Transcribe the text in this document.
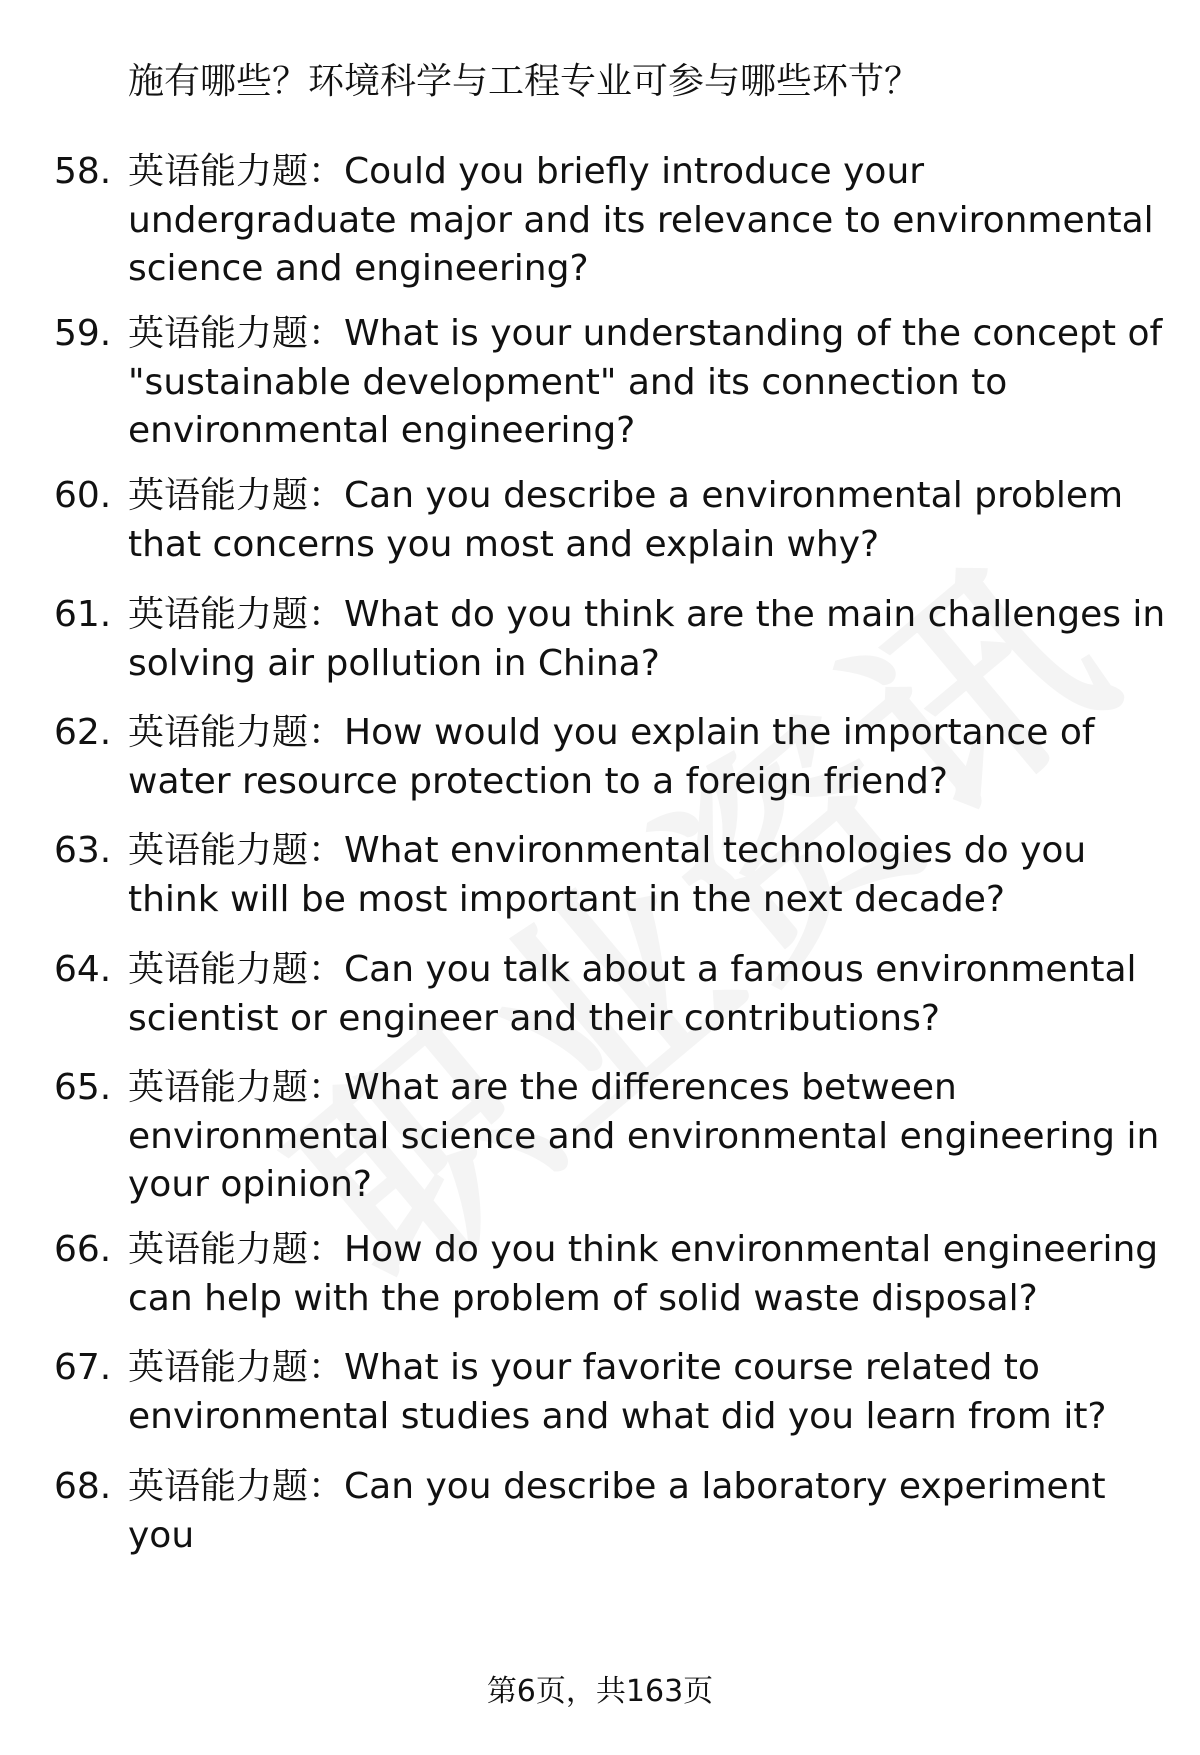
施有哪些？环境科学与工程专业可参与哪些环节？

58. 英语能力题：Could you briefly introduce your undergraduate major and its relevance to environmental science and engineering?
59. 英语能力题：What is your understanding of the concept of "sustainable development" and its connection to environmental engineering?
60. 英语能力题：Can you describe a environmental problem that concerns you most and explain why?
61. 英语能力题：What do you think are the main challenges in solving air pollution in China?
62. 英语能力题：How would you explain the importance of water resource protection to a foreign friend?
63. 英语能力题：What environmental technologies do you think will be most important in the next decade?
64. 英语能力题：Can you talk about a famous environmental scientist or engineer and their contributions?
65. 英语能力题：What are the differences between environmental science and environmental engineering in your opinion?
66. 英语能力题：How do you think environmental engineering can help with the problem of solid waste disposal?
67. 英语能力题：What is your favorite course related to environmental studies and what did you learn from it?
68. 英语能力题：Can you describe a laboratory experiment you
第6页，共163页
